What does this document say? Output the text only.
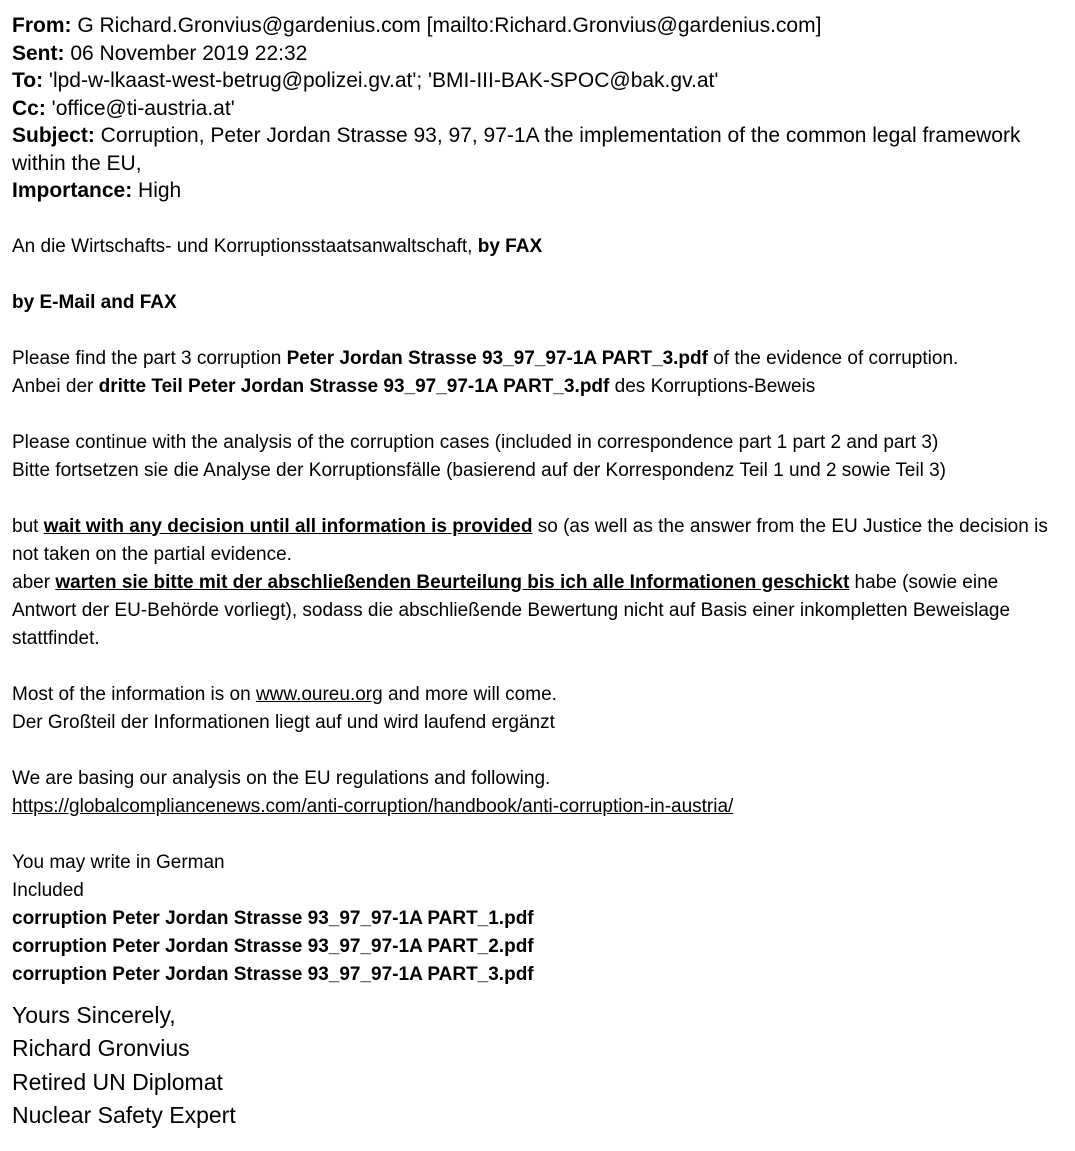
From: G Richard.Gronvius@gardenius.com [mailto:Richard.Gronvius@gardenius.com]
Sent: 06 November 2019 22:32
To: 'lpd-w-lkaast-west-betrug@polizei.gv.at'; 'BMI-III-BAK-SPOC@bak.gv.at'
Cc: 'office@ti-austria.at'
Subject: Corruption, Peter Jordan Strasse 93, 97, 97-1A the implementation of the common legal framework within the EU,
Importance: High
An die Wirtschafts- und Korruptionsstaatsanwaltschaft, by FAX
by E-Mail and FAX
Please find the part 3 corruption Peter Jordan Strasse 93_97_97-1A PART_3.pdf of the evidence of corruption.
Anbei der dritte Teil Peter Jordan Strasse 93_97_97-1A PART_3.pdf des Korruptions-Beweis
Please continue with the analysis of the corruption cases (included in correspondence part 1 part 2 and part 3)
Bitte fortsetzen sie die Analyse der Korruptionsfälle (basierend auf der Korrespondenz Teil 1 und 2 sowie Teil 3)
but wait with any decision until all information is provided so (as well as the answer from the EU Justice the decision is not taken on the partial evidence.
aber warten sie bitte mit der abschließenden Beurteilung bis ich alle Informationen geschickt habe (sowie eine Antwort der EU-Behörde vorliegt), sodass die abschließende Bewertung nicht auf Basis einer inkompletten Beweislage stattfindet.
Most of the information is on www.oureu.org and more will come.
Der Großteil der Informationen liegt auf und wird laufend ergänzt
We are basing our analysis on the EU regulations and following.
https://globalcompliancenews.com/anti-corruption/handbook/anti-corruption-in-austria/
You may write in German
Included
corruption Peter Jordan Strasse 93_97_97-1A PART_1.pdf
corruption Peter Jordan Strasse 93_97_97-1A PART_2.pdf
corruption Peter Jordan Strasse 93_97_97-1A PART_3.pdf
Yours Sincerely,
Richard Gronvius
Retired UN Diplomat
Nuclear Safety Expert
